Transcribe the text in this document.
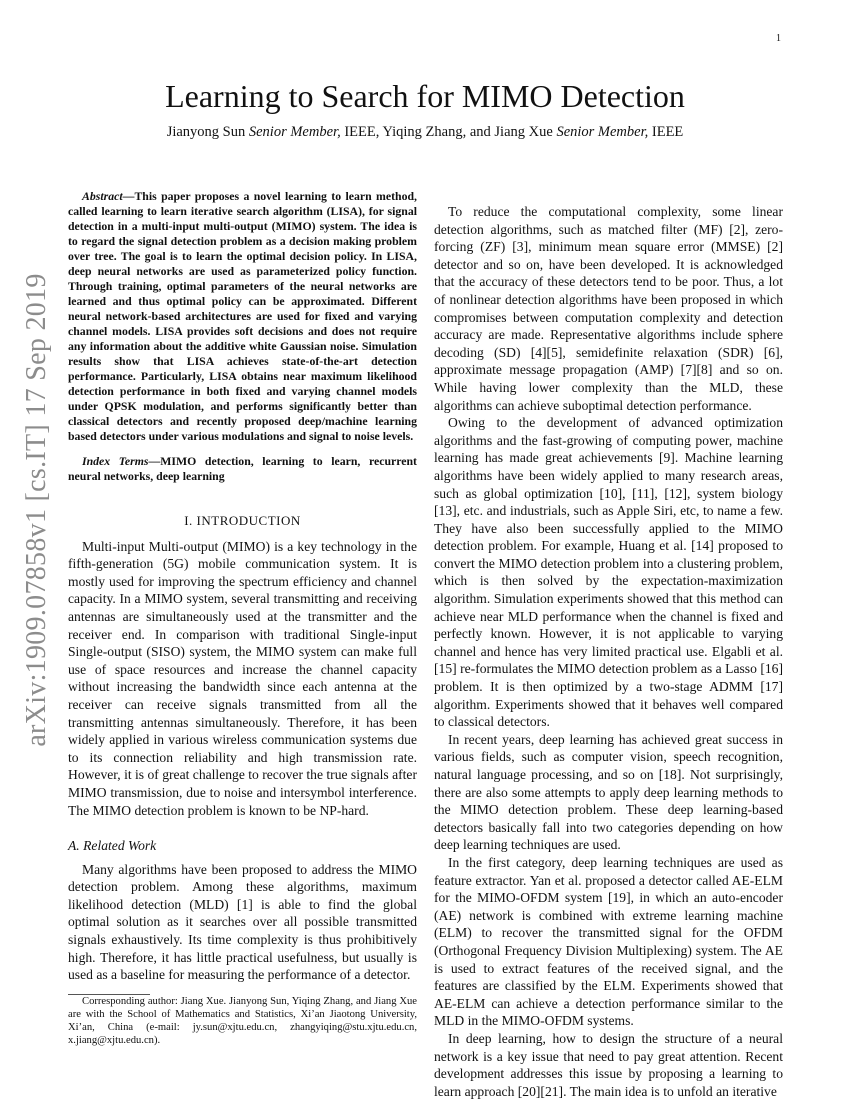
1
arXiv:1909.07858v1 [cs.IT] 17 Sep 2019
Learning to Search for MIMO Detection
Jianyong Sun Senior Member, IEEE, Yiqing Zhang, and Jiang Xue Senior Member, IEEE

Abstract—This paper proposes a novel learning to learn method, called learning to learn iterative search algorithm (LISA), for signal detection in a multi-input multi-output (MIMO) system. The idea is to regard the signal detection problem as a decision making problem over tree. The goal is to learn the optimal decision policy. In LISA, deep neural networks are used as parameterized policy function. Through training, optimal parameters of the neural networks are learned and thus optimal policy can be approximated. Different neural network-based architectures are used for fixed and varying channel models. LISA provides soft decisions and does not require any information about the additive white Gaussian noise. Simulation results show that LISA achieves state-of-the-art detection performance. Particularly, LISA obtains near maximum likelihood detection performance in both fixed and varying channel models under QPSK modulation, and performs significantly better than classical detectors and recently proposed deep/machine learning based detectors under various modulations and signal to noise levels.

Index Terms—MIMO detection, learning to learn, recurrent neural networks, deep learning

I. INTRODUCTION

Multi-input Multi-output (MIMO) is a key technology in the fifth-generation (5G) mobile communication system. It is mostly used for improving the spectrum efficiency and channel capacity. In a MIMO system, several transmitting and receiving antennas are simultaneously used at the transmitter and the receiver end. In comparison with traditional Single-input Single-output (SISO) system, the MIMO system can make full use of space resources and increase the channel capacity without increasing the bandwidth since each antenna at the receiver can receive signals transmitted from all the transmitting antennas simultaneously. Therefore, it has been widely applied in various wireless communication systems due to its connection reliability and high transmission rate. However, it is of great challenge to recover the true signals after MIMO transmission, due to noise and intersymbol interference. The MIMO detection problem is known to be NP-hard.

A. Related Work

Many algorithms have been proposed to address the MIMO detection problem. Among these algorithms, maximum likelihood detection (MLD) [1] is able to find the global optimal solution as it searches over all possible transmitted signals exhaustively. Its time complexity is thus prohibitively high. Therefore, it has little practical usefulness, but usually is used as a baseline for measuring the performance of a detector.

Corresponding author: Jiang Xue. Jianyong Sun, Yiqing Zhang, and Jiang Xue are with the School of Mathematics and Statistics, Xi’an Jiaotong University, Xi’an, China (e-mail: jy.sun@xjtu.edu.cn, zhangyiqing@stu.xjtu.edu.cn, x.jiang@xjtu.edu.cn).

To reduce the computational complexity, some linear detection algorithms, such as matched filter (MF) [2], zero-forcing (ZF) [3], minimum mean square error (MMSE) [2] detector and so on, have been developed. It is acknowledged that the accuracy of these detectors tend to be poor. Thus, a lot of nonlinear detection algorithms have been proposed in which compromises between computation complexity and detection accuracy are made. Representative algorithms include sphere decoding (SD) [4][5], semidefinite relaxation (SDR) [6], approximate message propagation (AMP) [7][8] and so on. While having lower complexity than the MLD, these algorithms can achieve suboptimal detection performance.

Owing to the development of advanced optimization algorithms and the fast-growing of computing power, machine learning has made great achievements [9]. Machine learning algorithms have been widely applied to many research areas, such as global optimization [10], [11], [12], system biology [13], etc. and industrials, such as Apple Siri, etc, to name a few. They have also been successfully applied to the MIMO detection problem. For example, Huang et al. [14] proposed to convert the MIMO detection problem into a clustering problem, which is then solved by the expectation-maximization algorithm. Simulation experiments showed that this method can achieve near MLD performance when the channel is fixed and perfectly known. However, it is not applicable to varying channel and hence has very limited practical use. Elgabli et al. [15] re-formulates the MIMO detection problem as a Lasso [16] problem. It is then optimized by a two-stage ADMM [17] algorithm. Experiments showed that it behaves well compared to classical detectors.

In recent years, deep learning has achieved great success in various fields, such as computer vision, speech recognition, natural language processing, and so on [18]. Not surprisingly, there are also some attempts to apply deep learning methods to the MIMO detection problem. These deep learning-based detectors basically fall into two categories depending on how deep learning techniques are used.

In the first category, deep learning techniques are used as feature extractor. Yan et al. proposed a detector called AE-ELM for the MIMO-OFDM system [19], in which an auto-encoder (AE) network is combined with extreme learning machine (ELM) to recover the transmitted signal for the OFDM (Orthogonal Frequency Division Multiplexing) system. The AE is used to extract features of the received signal, and the features are classified by the ELM. Experiments showed that AE-ELM can achieve a detection performance similar to the MLD in the MIMO-OFDM systems.

In deep learning, how to design the structure of a neural network is a key issue that need to pay great attention. Recent development addresses this issue by proposing a learning to learn approach [20][21]. The main idea is to unfold an iterative
